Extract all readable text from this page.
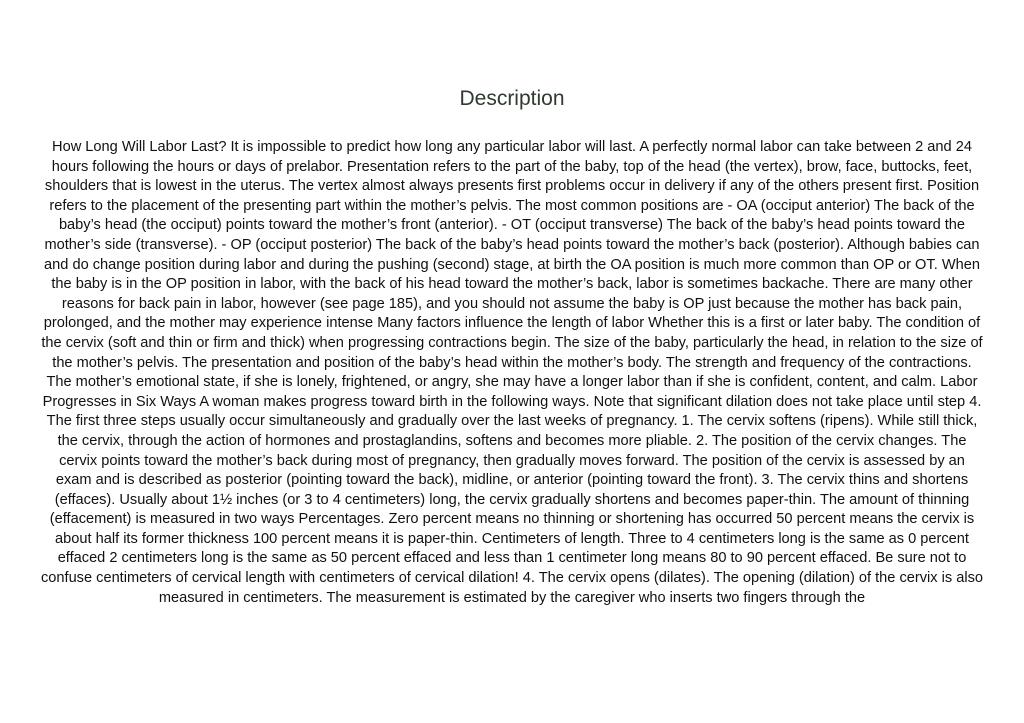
Description

How Long Will Labor Last? It is impossible to predict how long any particular labor will last. A perfectly normal labor can take between 2 and 24 hours following the hours or days of prelabor. Presentation refers to the part of the baby, top of the head (the vertex), brow, face, buttocks, feet, shoulders that is lowest in the uterus. The vertex almost always presents first problems occur in delivery if any of the others present first. Position refers to the placement of the presenting part within the mother’s pelvis. The most common positions are - OA (occiput anterior) The back of the baby’s head (the occiput) points toward the mother’s front (anterior). - OT (occiput transverse) The back of the baby’s head points toward the mother’s side (transverse). - OP (occiput posterior) The back of the baby’s head points toward the mother’s back (posterior). Although babies can and do change position during labor and during the pushing (second) stage, at birth the OA position is much more common than OP or OT. When the baby is in the OP position in labor, with the back of his head toward the mother’s back, labor is sometimes backache. There are many other reasons for back pain in labor, however (see page 185), and you should not assume the baby is OP just because the mother has back pain, prolonged, and the mother may experience intense Many factors influence the length of labor Whether this is a first or later baby. The condition of the cervix (soft and thin or firm and thick) when progressing contractions begin. The size of the baby, particularly the head, in relation to the size of the mother’s pelvis. The presentation and position of the baby’s head within the mother’s body. The strength and frequency of the contractions. The mother’s emotional state, if she is lonely, frightened, or angry, she may have a longer labor than if she is confident, content, and calm. Labor Progresses in Six Ways A woman makes progress toward birth in the following ways. Note that significant dilation does not take place until step 4. The first three steps usually occur simultaneously and gradually over the last weeks of pregnancy. 1. The cervix softens (ripens). While still thick, the cervix, through the action of hormones and prostaglandins, softens and becomes more pliable. 2. The position of the cervix changes. The cervix points toward the mother’s back during most of pregnancy, then gradually moves forward. The position of the cervix is assessed by an exam and is described as posterior (pointing toward the back), midline, or anterior (pointing toward the front). 3. The cervix thins and shortens (effaces). Usually about 1½ inches (or 3 to 4 centimeters) long, the cervix gradually shortens and becomes paper-thin. The amount of thinning (effacement) is measured in two ways Percentages. Zero percent means no thinning or shortening has occurred 50 percent means the cervix is about half its former thickness 100 percent means it is paper-thin. Centimeters of length. Three to 4 centimeters long is the same as 0 percent effaced 2 centimeters long is the same as 50 percent effaced and less than 1 centimeter long means 80 to 90 percent effaced. Be sure not to confuse centimeters of cervical length with centimeters of cervical dilation! 4. The cervix opens (dilates). The opening (dilation) of the cervix is also measured in centimeters. The measurement is estimated by the caregiver who inserts two fingers through the
